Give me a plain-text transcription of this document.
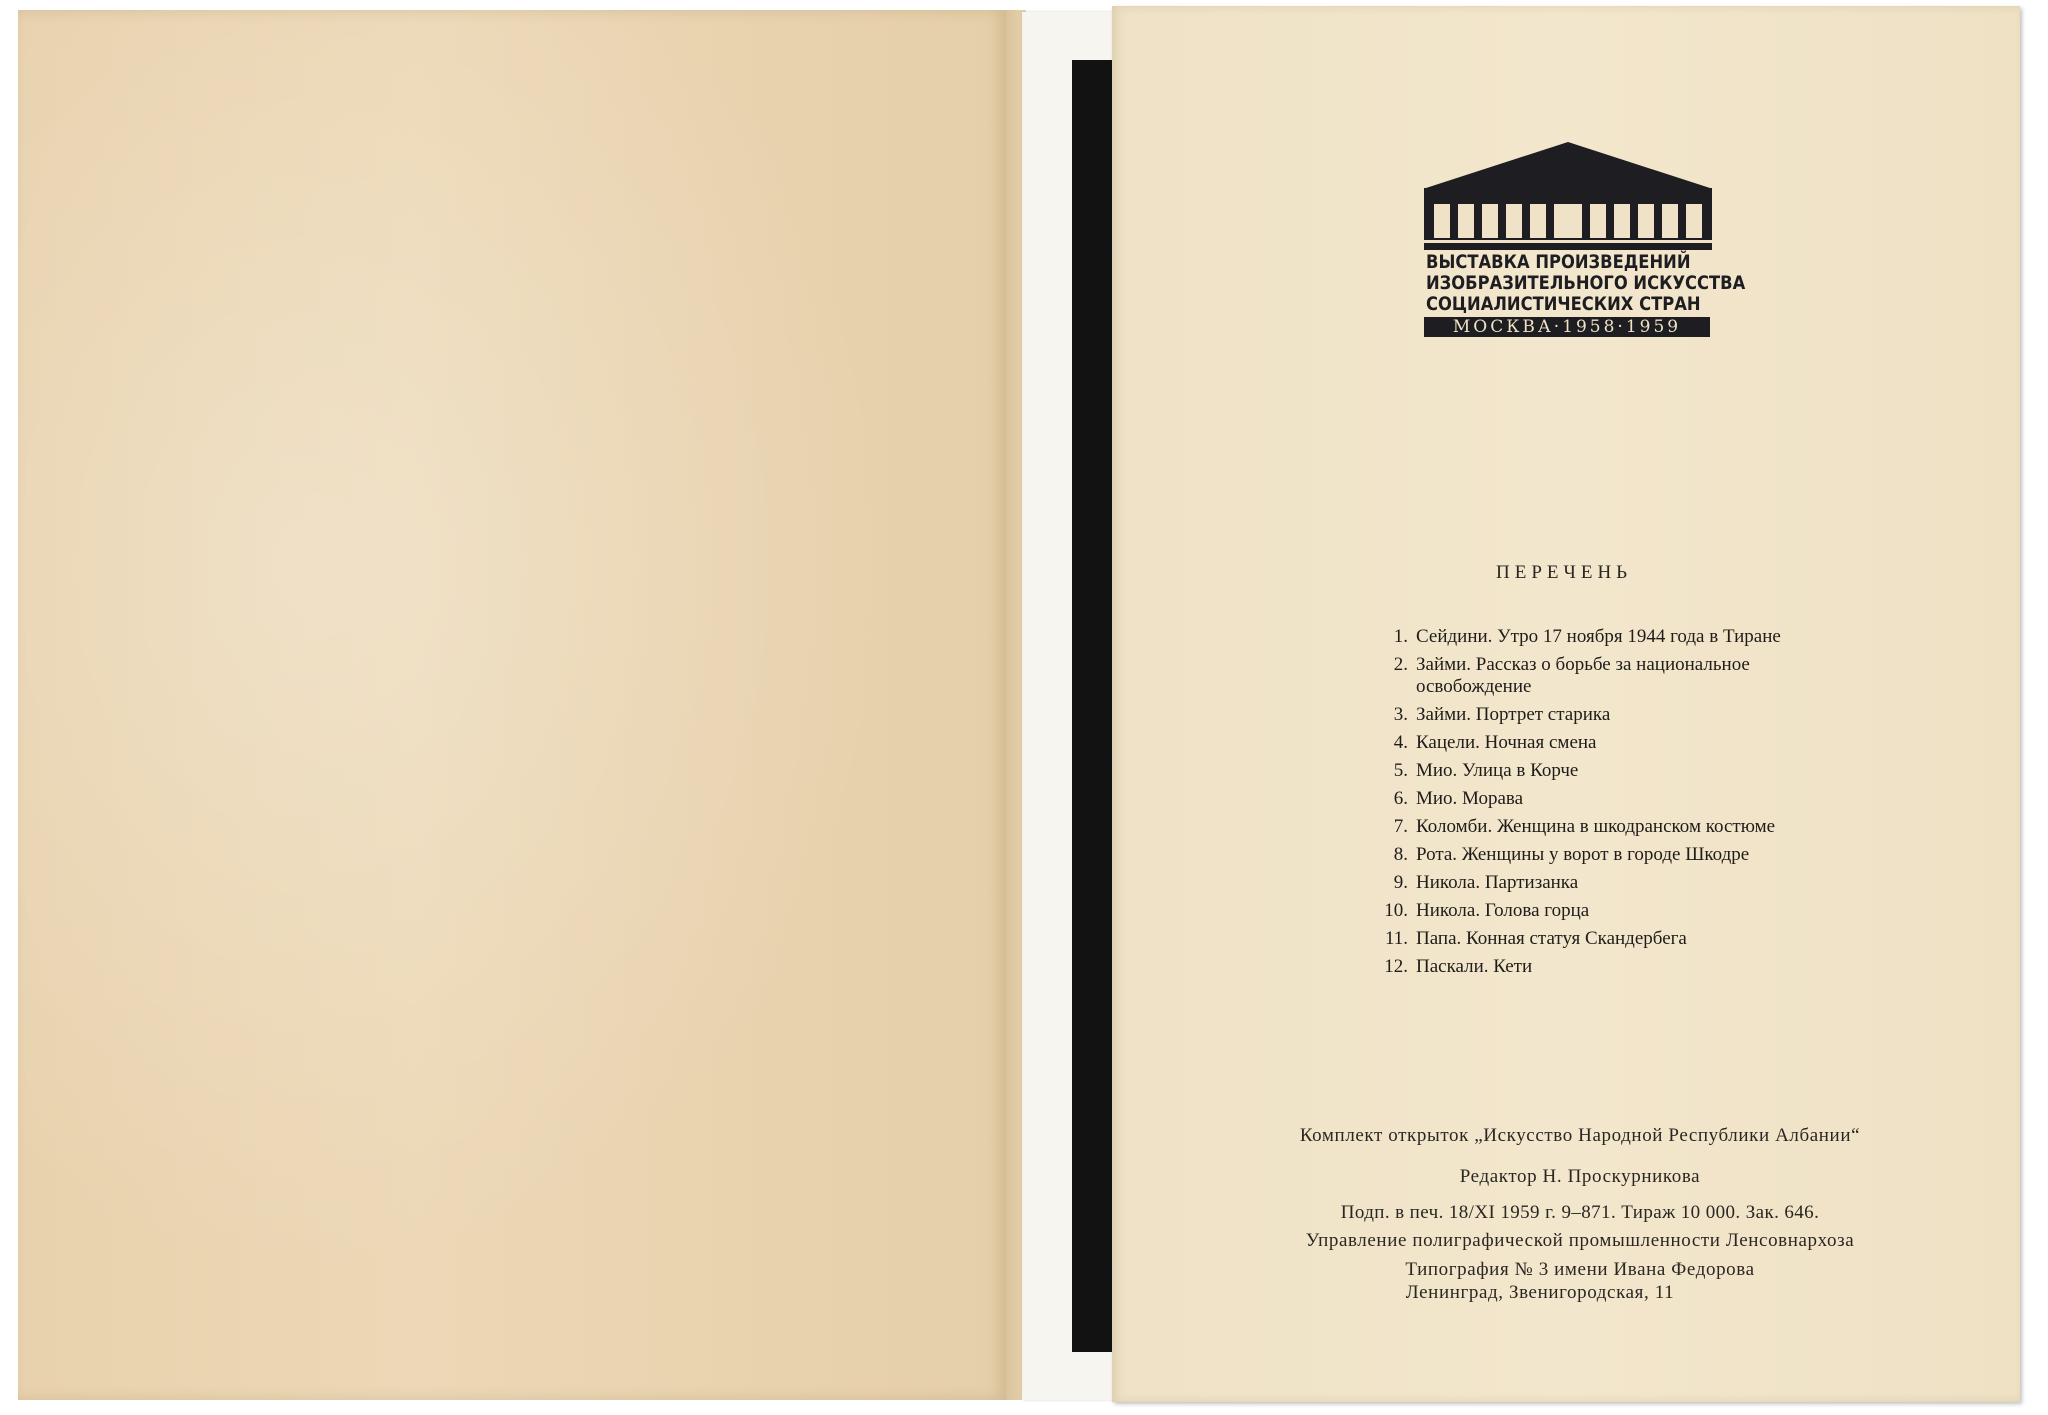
ВЫСТАВКА ПРОИЗВЕДЕНИЙ
ИЗОБРАЗИТЕЛЬНОГО ИСКУССТВА
СОЦИАЛИСТИЧЕСКИХ СТРАН
МОСКВА·1958·1959
ПЕРЕЧЕНЬ
1. Сейдини. Утро 17 ноября 1944 года в Тиране
2. Займи. Рассказ о борьбе за национальное освобождение
3. Займи. Портрет старика
4. Кацели. Ночная смена
5. Мио. Улица в Корче
6. Мио. Морава
7. Коломби. Женщина в шкодранском костюме
8. Рота. Женщины у ворот в городе Шкодре
9. Никола. Партизанка
10. Никола. Голова горца
11. Папа. Конная статуя Скандербега
12. Паскали. Кети
Комплект открыток „Искусство Народной Республики Албании“
Редактор Н. Проскурникова
Подп. в печ. 18/XI 1959 г. 9–871. Тираж 10 000. Зак. 646.
Управление полиграфической промышленности Ленсовнархоза
Типография № 3 имени Ивана Федорова
Ленинград, Звенигородская, 11
